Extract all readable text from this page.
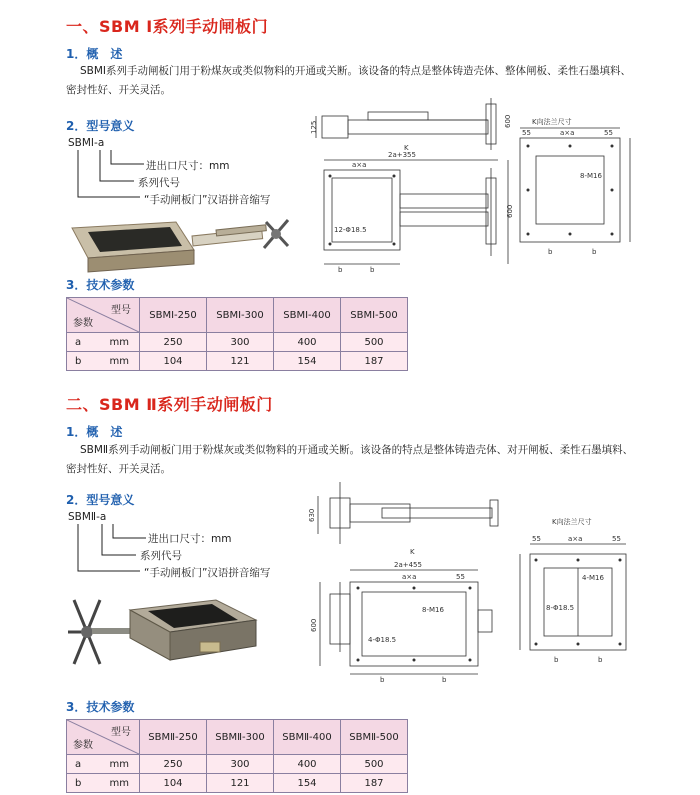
一、SBM Ⅰ系列手动闸板门
1．概　述
SBMⅠ系列手动闸板门用于粉煤灰或类似物料的开通或关断。该设备的特点是整体铸造壳体、整体闸板、柔性石墨填料、密封性好、开关灵活。
2．型号意义
SBMⅠ-a
进出口尺寸：mm
系列代号
“手动闸板门”汉语拼音缩写
3．技术参数
型号
参数	SBMⅠ-250	SBMⅠ-300	SBMⅠ-400	SBMⅠ-500
a mm	250	300	400	500
b mm	104	121	154	187
K向法兰尺寸
2a+355
a×a
a×a
55	55
125	600
600
8-M16
12-Φ18.5
b	b
b	b
K
二、SBM Ⅱ系列手动闸板门
1．概　述
SBMⅡ系列手动闸板门用于粉煤灰或类似物料的开通或关断。该设备的特点是整体铸造壳体、对开闸板、柔性石墨填料、密封性好、开关灵活。
2．型号意义
SBMⅡ-a
进出口尺寸：mm
系列代号
“手动闸板门”汉语拼音缩写
3．技术参数
型号
参数	SBMⅡ-250	SBMⅡ-300	SBMⅡ-400	SBMⅡ-500
a mm	250	300	400	500
b mm	104	121	154	187
K向法兰尺寸
2a+455
a×a
a×a
55	55
55
630
600
8-M16
4-Φ18.5
4-M16
8-Φ18.5
b	b
b	b
K
